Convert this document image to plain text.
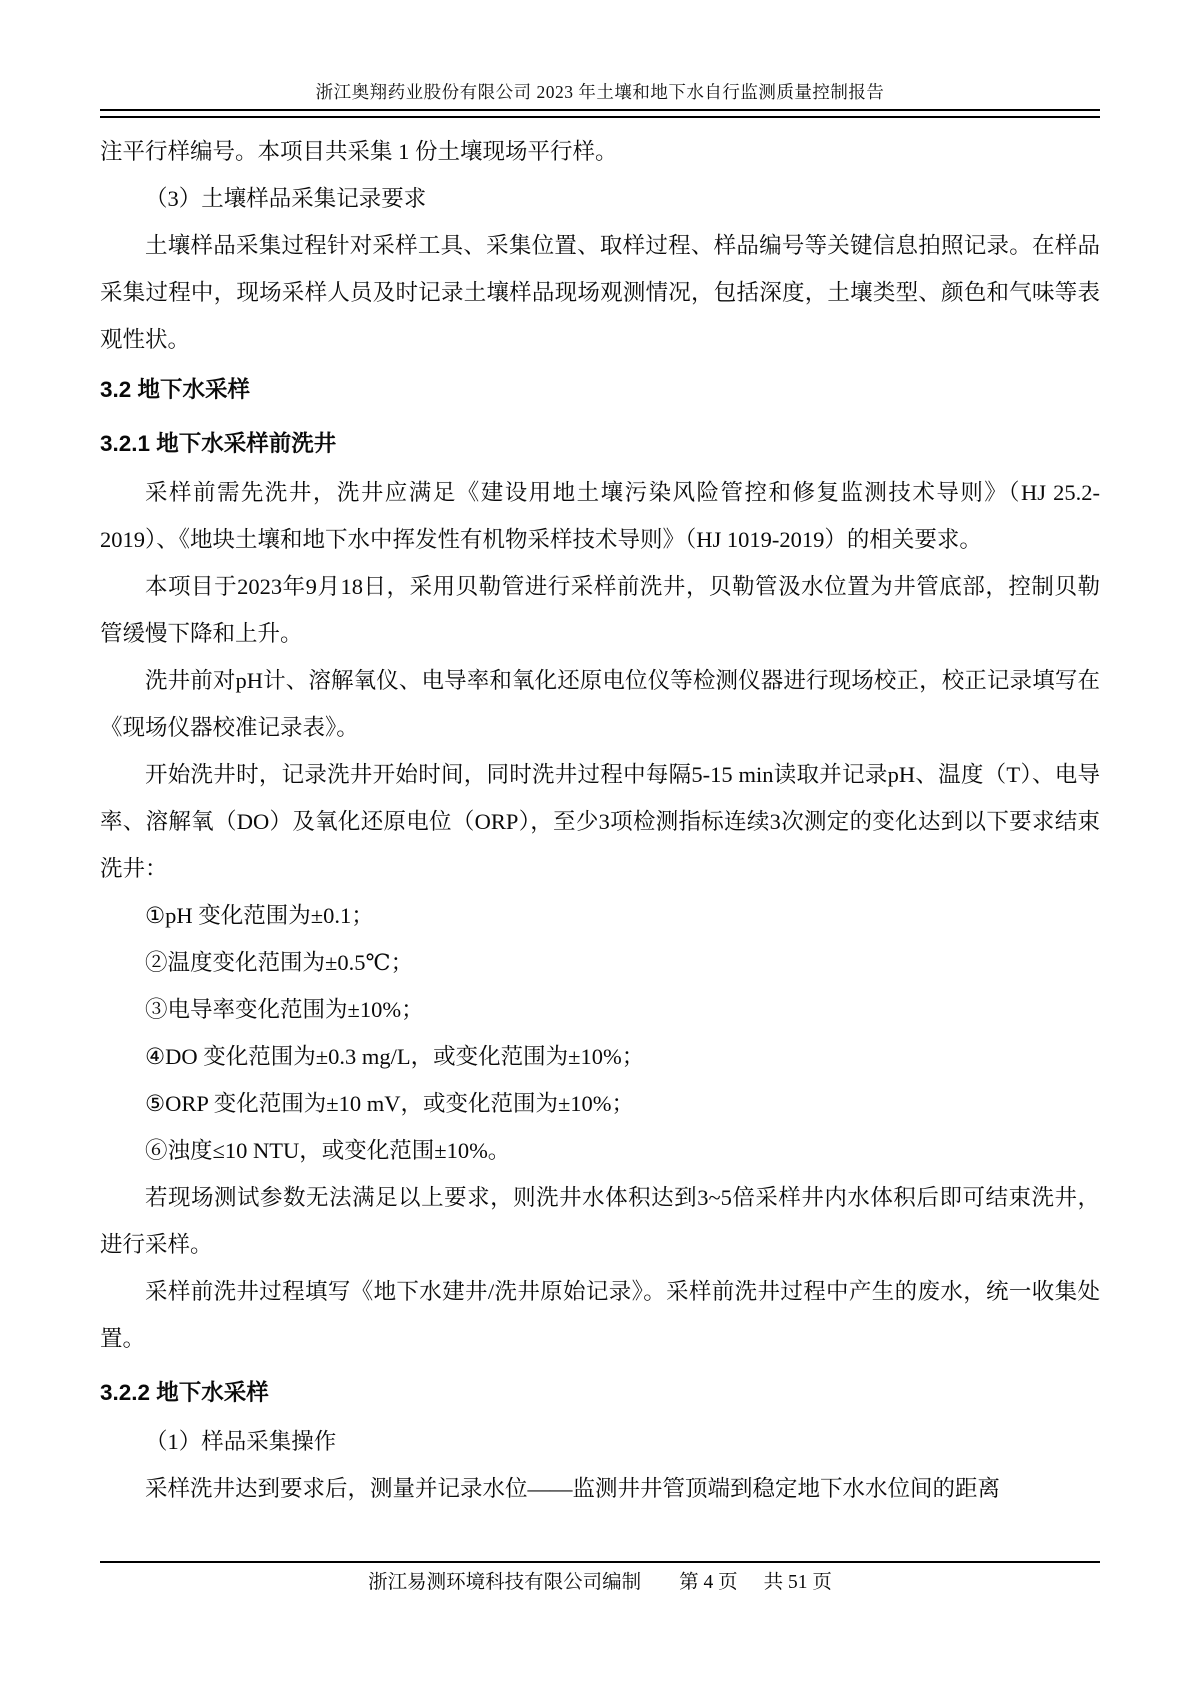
浙江奥翔药业股份有限公司 2023 年土壤和地下水自行监测质量控制报告

注平行样编号。本项目共采集 1 份土壤现场平行样。

（3）土壤样品采集记录要求

土壤样品采集过程针对采样工具、采集位置、取样过程、样品编号等关键信息拍照记录。在样品采集过程中，现场采样人员及时记录土壤样品现场观测情况，包括深度，土壤类型、颜色和气味等表观性状。

3.2 地下水采样

3.2.1 地下水采样前洗井

采样前需先洗井，洗井应满足《建设用地土壤污染风险管控和修复监测技术导则》（HJ 25.2-2019）、《地块土壤和地下水中挥发性有机物采样技术导则》（HJ 1019-2019）的相关要求。

本项目于2023年9月18日，采用贝勒管进行采样前洗井，贝勒管汲水位置为井管底部，控制贝勒管缓慢下降和上升。

洗井前对pH计、溶解氧仪、电导率和氧化还原电位仪等检测仪器进行现场校正，校正记录填写在《现场仪器校准记录表》。

开始洗井时，记录洗井开始时间，同时洗井过程中每隔5-15 min读取并记录pH、温度（T）、电导率、溶解氧（DO）及氧化还原电位（ORP），至少3项检测指标连续3次测定的变化达到以下要求结束洗井：

①pH 变化范围为±0.1；

②温度变化范围为±0.5℃；

③电导率变化范围为±10%；

④DO 变化范围为±0.3 mg/L，或变化范围为±10%；

⑤ORP 变化范围为±10 mV，或变化范围为±10%；

⑥浊度≤10 NTU，或变化范围±10%。

若现场测试参数无法满足以上要求，则洗井水体积达到3~5倍采样井内水体积后即可结束洗井，进行采样。

采样前洗井过程填写《地下水建井/洗井原始记录》。采样前洗井过程中产生的废水，统一收集处置。

3.2.2 地下水采样

（1）样品采集操作

采样洗井达到要求后，测量并记录水位——监测井井管顶端到稳定地下水水位间的距离

浙江易测环境科技有限公司编制 第 4 页 共 51 页
